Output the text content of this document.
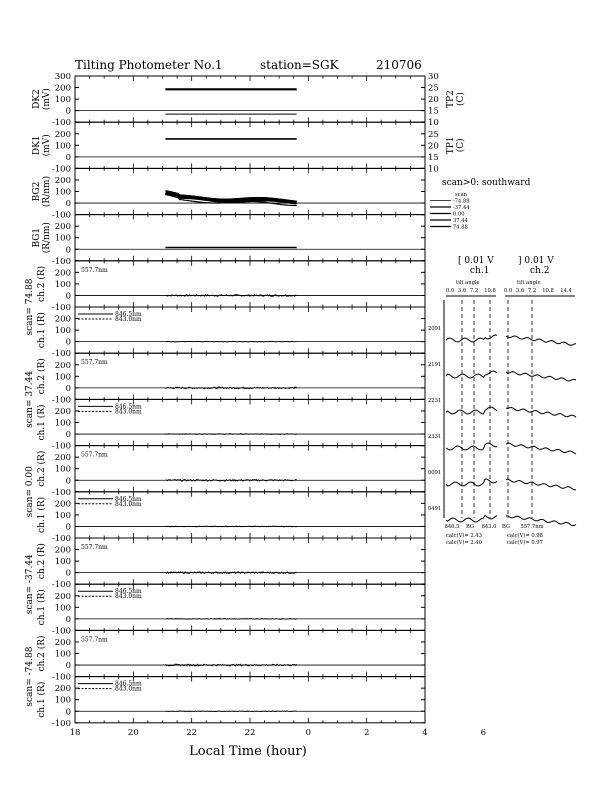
Tilting Photometer No.1	station=SGK	210706
300
200
100
0
-100
DK2(mV)
30
25
20
15
10
TP2(C)
200
100
0
-100
DK1(mV)	25
20
15
10
TP1(C)
200
100
0
-100
BG2(R/nm)
200
100
0
-100
BG1(R/nm)
200
100
0
-100
ch.2 (R)
scan= 74.88
557.7nm
200
100
0
-100
ch.1 (R)	846.5nm
843.0nm
200
100
0
-100
ch.2 (R)
scan= 37.44
557.7nm
200
100
0
-100
ch.1 (R)	846.5nm
843.0nm
200
100
0
-100
ch.2 (R)
scan= 0.00
557.7nm
200
100
0
-100
ch.1 (R)	846.5nm
843.0nm
200
100
0
-100
ch.2 (R)
scan= -37.44
557.7nm
200
100
0
-100
ch.1 (R)	846.5nm
843.0nm
200
100
0
-100
ch.2 (R)
scan= -74.88
557.7nm
200
100
0
-100
ch.1 (R)	846.5nm
843.0nm
18	20	22	22	0	2	4	6
Local Time (hour)
scan>0: southward
scan
-74.88
-37.44
0.00
37.44
74.88
[ 0.01 V
ch.1
] 0.01 V
ch.2
tilt angle	tilt angle
0.0 3.6 7.2 10.8 0.0 3.6 7.2 10.8 14.4
2091
2191
2231
2331
0091
0491
846.5 BG 843.0 BG 557.7nm
calc(V)= 2.43
calc(V)= 2.40
calc(V)= 0.98
calc(V)= 0.97
